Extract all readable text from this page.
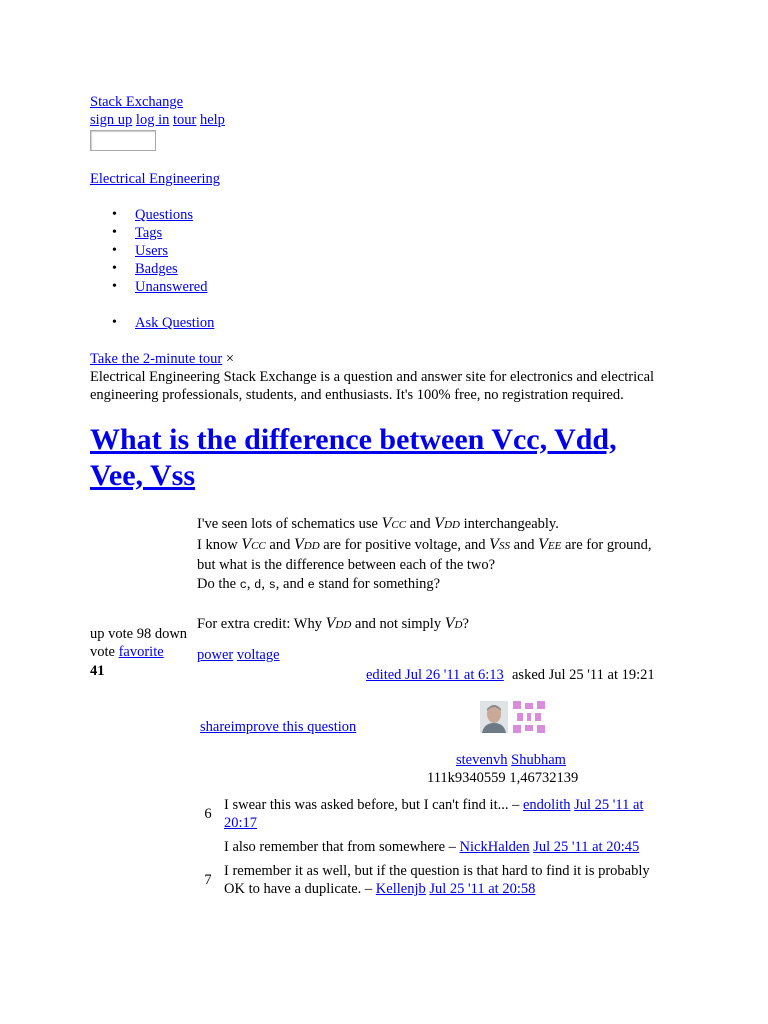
Stack Exchange
sign up log in tour help
Electrical Engineering
• Questions
• Tags
• Users
• Badges
• Unanswered
• Ask Question
Take the 2-minute tour ×
Electrical Engineering Stack Exchange is a question and answer site for electronics and electrical engineering professionals, students, and enthusiasts. It's 100% free, no registration required.
What is the difference between Vcc, Vdd, Vee, Vss
I've seen lots of schematics use VCC and VDD interchangeably.
I know VCC and VDD are for positive voltage, and VSS and VEE are for ground,
but what is the difference between each of the two?
Do the c, d, s, and e stand for something?
For extra credit: Why VDD and not simply VD?
up vote 98 down vote favorite
41
power voltage
edited Jul 26 '11 at 6:13 asked Jul 25 '11 at 19:21
shareimprove this question
stevenvh Shubham
111k9340559 1,46732139
6
I swear this was asked before, but I can't find it... – endolith Jul 25 '11 at 20:17
I also remember that from somewhere – NickHalden Jul 25 '11 at 20:45
7
I remember it as well, but if the question is that hard to find it is probably OK to have a duplicate. – Kellenjb Jul 25 '11 at 20:58
